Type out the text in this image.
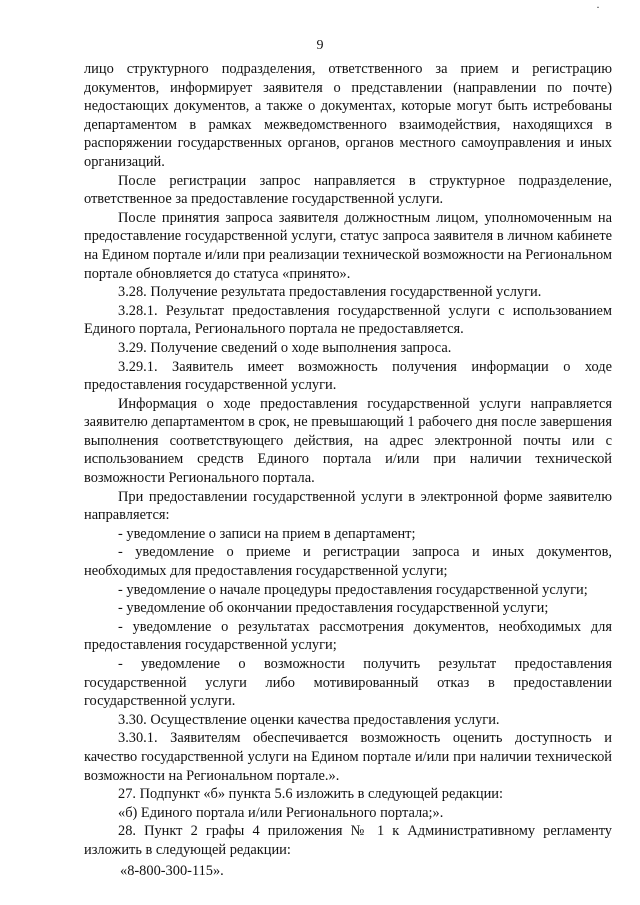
·
9

лицо структурного подразделения, ответственного за прием и регистрацию документов, информирует заявителя о представлении (направлении по почте) недостающих документов, а также о документах, которые могут быть истребованы департаментом в рамках межведомственного взаимодействия, находящихся в распоряжении государственных органов, органов местного самоуправления и иных организаций.

После регистрации запрос направляется в структурное подразделение, ответственное за предоставление государственной услуги.

После принятия запроса заявителя должностным лицом, уполномоченным на предоставление государственной услуги, статус запроса заявителя в личном кабинете на Едином портале и/или при реализации технической возможности на Региональном портале обновляется до статуса «принято».

3.28. Получение результата предоставления государственной услуги.

3.28.1. Результат предоставления государственной услуги с использованием Единого портала, Регионального портала не предоставляется.

3.29. Получение сведений о ходе выполнения запроса.

3.29.1. Заявитель имеет возможность получения информации о ходе предоставления государственной услуги.

Информация о ходе предоставления государственной услуги направляется заявителю департаментом в срок, не превышающий 1 рабочего дня после завершения выполнения соответствующего действия, на адрес электронной почты или с использованием средств Единого портала и/или при наличии технической возможности Регионального портала.

При предоставлении государственной услуги в электронной форме заявителю направляется:

- уведомление о записи на прием в департамент;

- уведомление о приеме и регистрации запроса и иных документов, необходимых для предоставления государственной услуги;

- уведомление о начале процедуры предоставления государственной услуги;

- уведомление об окончании предоставления государственной услуги;

- уведомление о результатах рассмотрения документов, необходимых для предоставления государственной услуги;

- уведомление о возможности получить результат предоставления государственной услуги либо мотивированный отказ в предоставлении государственной услуги.

3.30. Осуществление оценки качества предоставления услуги.

3.30.1. Заявителям обеспечивается возможность оценить доступность и качество государственной услуги на Едином портале и/или при наличии технической возможности на Региональном портале.».

27. Подпункт «б» пункта 5.6 изложить в следующей редакции:

«б) Единого портала и/или Регионального портала;».

28. Пункт 2 графы 4 приложения № 1 к Административному регламенту изложить в следующей редакции:

«8-800-300-115».
